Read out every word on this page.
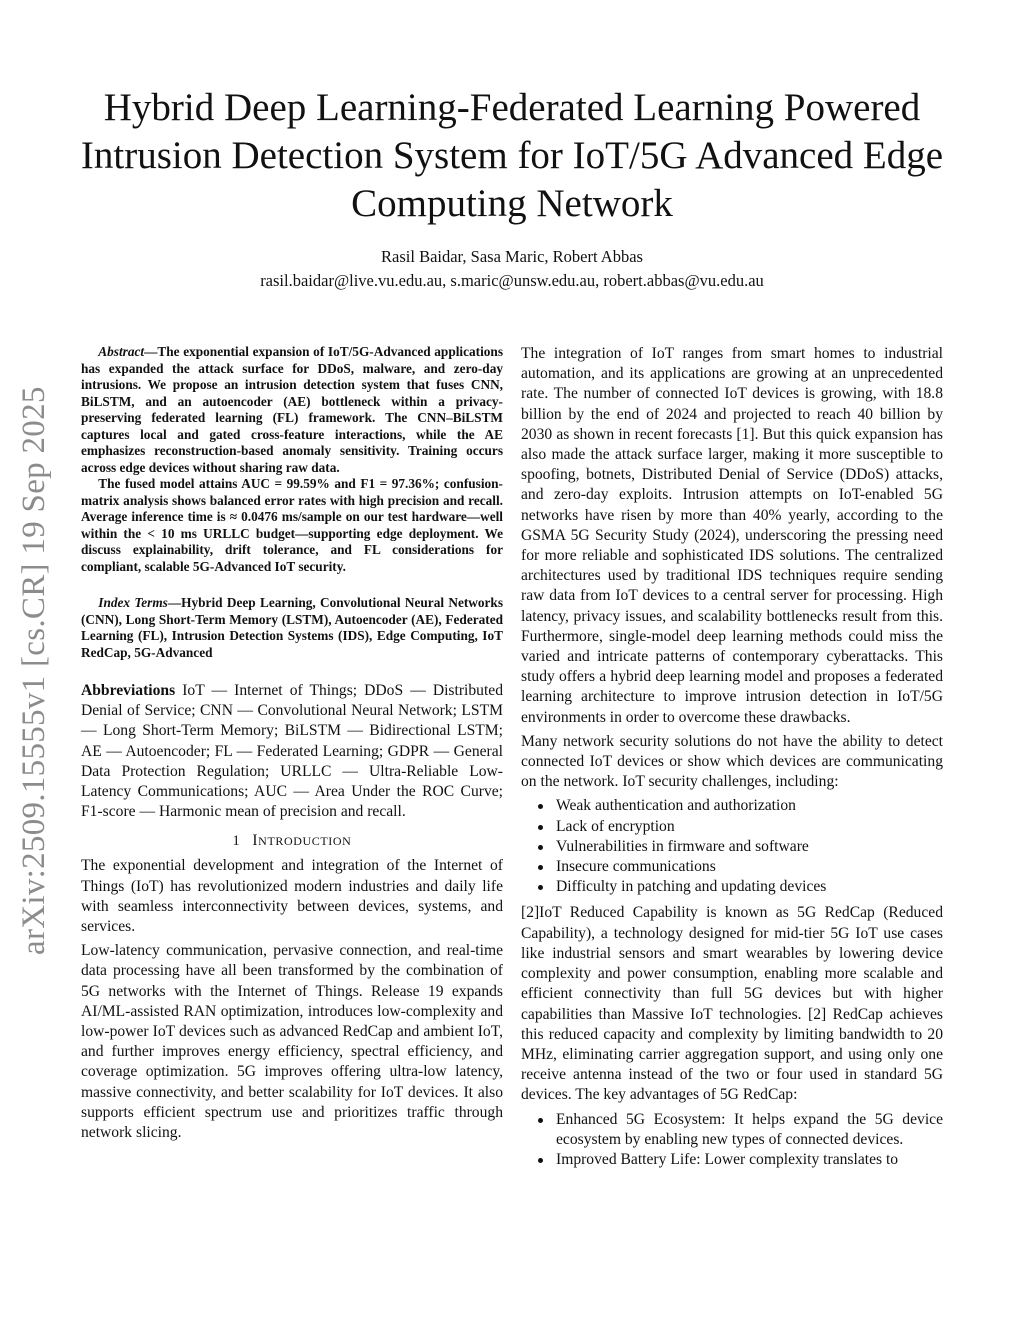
arXiv:2509.15555v1 [cs.CR] 19 Sep 2025
Hybrid Deep Learning-Federated Learning Powered Intrusion Detection System for IoT/5G Advanced Edge Computing Network
Rasil Baidar, Sasa Maric, Robert Abbas
rasil.baidar@live.vu.edu.au, s.maric@unsw.edu.au, robert.abbas@vu.edu.au

Abstract—The exponential expansion of IoT/5G-Advanced applications has expanded the attack surface for DDoS, malware, and zero-day intrusions. We propose an intrusion detection system that fuses CNN, BiLSTM, and an autoencoder (AE) bottleneck within a privacy-preserving federated learning (FL) framework. The CNN–BiLSTM captures local and gated cross-feature interactions, while the AE emphasizes reconstruction-based anomaly sensitivity. Training occurs across edge devices without sharing raw data.

The fused model attains AUC = 99.59% and F1 = 97.36%; confusion-matrix analysis shows balanced error rates with high precision and recall. Average inference time is ≈ 0.0476 ms/sample on our test hardware—well within the < 10 ms URLLC budget—supporting edge deployment. We discuss explainability, drift tolerance, and FL considerations for compliant, scalable 5G-Advanced IoT security.

Index Terms—Hybrid Deep Learning, Convolutional Neural Networks (CNN), Long Short-Term Memory (LSTM), Autoencoder (AE), Federated Learning (FL), Intrusion Detection Systems (IDS), Edge Computing, IoT RedCap, 5G-Advanced

Abbreviations IoT — Internet of Things; DDoS — Distributed Denial of Service; CNN — Convolutional Neural Network; LSTM — Long Short-Term Memory; BiLSTM — Bidirectional LSTM; AE — Autoencoder; FL — Federated Learning; GDPR — General Data Protection Regulation; URLLC — Ultra-Reliable Low-Latency Communications; AUC — Area Under the ROC Curve; F1-score — Harmonic mean of precision and recall.

1 INTRODUCTION

The exponential development and integration of the Internet of Things (IoT) has revolutionized modern industries and daily life with seamless interconnectivity between devices, systems, and services.

Low-latency communication, pervasive connection, and real-time data processing have all been transformed by the combination of 5G networks with the Internet of Things. Release 19 expands AI/ML-assisted RAN optimization, introduces low-complexity and low-power IoT devices such as advanced RedCap and ambient IoT, and further improves energy efficiency, spectral efficiency, and coverage optimization. 5G improves offering ultra-low latency, massive connectivity, and better scalability for IoT devices. It also supports efficient spectrum use and prioritizes traffic through network slicing.

The integration of IoT ranges from smart homes to industrial automation, and its applications are growing at an unprecedented rate. The number of connected IoT devices is growing, with 18.8 billion by the end of 2024 and projected to reach 40 billion by 2030 as shown in recent forecasts [1]. But this quick expansion has also made the attack surface larger, making it more susceptible to spoofing, botnets, Distributed Denial of Service (DDoS) attacks, and zero-day exploits. Intrusion attempts on IoT-enabled 5G networks have risen by more than 40% yearly, according to the GSMA 5G Security Study (2024), underscoring the pressing need for more reliable and sophisticated IDS solutions. The centralized architectures used by traditional IDS techniques require sending raw data from IoT devices to a central server for processing. High latency, privacy issues, and scalability bottlenecks result from this. Furthermore, single-model deep learning methods could miss the varied and intricate patterns of contemporary cyberattacks. This study offers a hybrid deep learning model and proposes a federated learning architecture to improve intrusion detection in IoT/5G environments in order to overcome these drawbacks.

Many network security solutions do not have the ability to detect connected IoT devices or show which devices are communicating on the network. IoT security challenges, including:

Weak authentication and authorization
Lack of encryption
Vulnerabilities in firmware and software
Insecure communications
Difficulty in patching and updating devices

[2]IoT Reduced Capability is known as 5G RedCap (Reduced Capability), a technology designed for mid-tier 5G IoT use cases like industrial sensors and smart wearables by lowering device complexity and power consumption, enabling more scalable and efficient connectivity than full 5G devices but with higher capabilities than Massive IoT technologies. [2] RedCap achieves this reduced capacity and complexity by limiting bandwidth to 20 MHz, eliminating carrier aggregation support, and using only one receive antenna instead of the two or four used in standard 5G devices. The key advantages of 5G RedCap:

Enhanced 5G Ecosystem: It helps expand the 5G device ecosystem by enabling new types of connected devices.
Improved Battery Life: Lower complexity translates to
